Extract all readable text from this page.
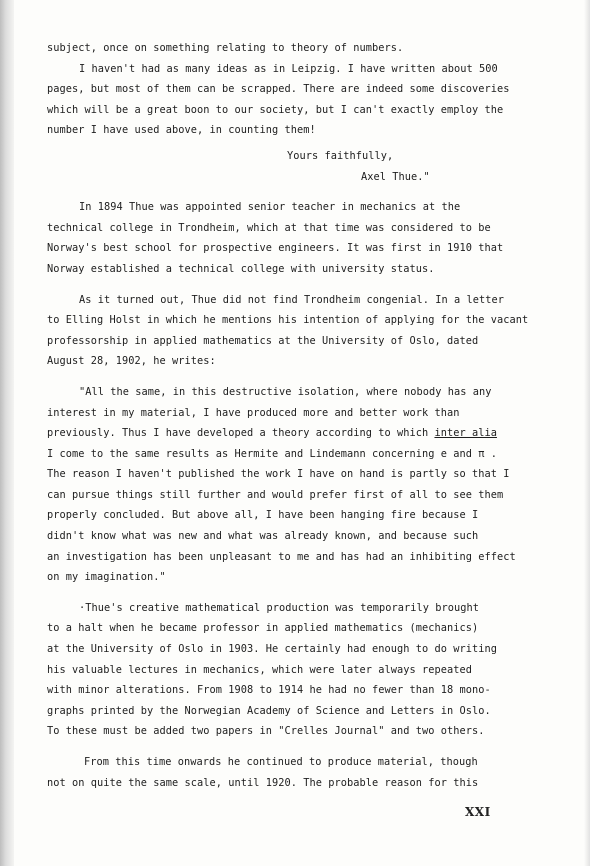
subject, once on something relating to theory of numbers.
I haven't had as many ideas as in Leipzig. I have written about 500
pages, but most of them can be scrapped. There are indeed some discoveries
which will be a great boon to our society, but I can't exactly employ the
number I have used above, in counting them!
Yours faithfully,
Axel Thue."
In 1894 Thue was appointed senior teacher in mechanics at the
technical college in Trondheim, which at that time was considered to be
Norway's best school for prospective engineers. It was first in 1910 that
Norway established a technical college with university status.
As it turned out, Thue did not find Trondheim congenial. In a letter
to Elling Holst in which he mentions his intention of applying for the vacant
professorship in applied mathematics at the University of Oslo, dated
August 28, 1902, he writes:
"All the same, in this destructive isolation, where nobody has any
interest in my material, I have produced more and better work than
previously. Thus I have developed a theory according to which inter alia
I come to the same results as Hermite and Lindemann concerning e and π .
The reason I haven't published the work I have on hand is partly so that I
can pursue things still further and would prefer first of all to see them
properly concluded. But above all, I have been hanging fire because I
didn't know what was new and what was already known, and because such
an investigation has been unpleasant to me and has had an inhibiting effect
on my imagination."
·Thue's creative mathematical production was temporarily brought
to a halt when he became professor in applied mathematics (mechanics)
at the University of Oslo in 1903. He certainly had enough to do writing
his valuable lectures in mechanics, which were later always repeated
with minor alterations. From 1908 to 1914 he had no fewer than 18 mono-
graphs printed by the Norwegian Academy of Science and Letters in Oslo.
To these must be added two papers in "Crelles Journal" and two others.
From this time onwards he continued to produce material, though
not on quite the same scale, until 1920. The probable reason for this
XXI
